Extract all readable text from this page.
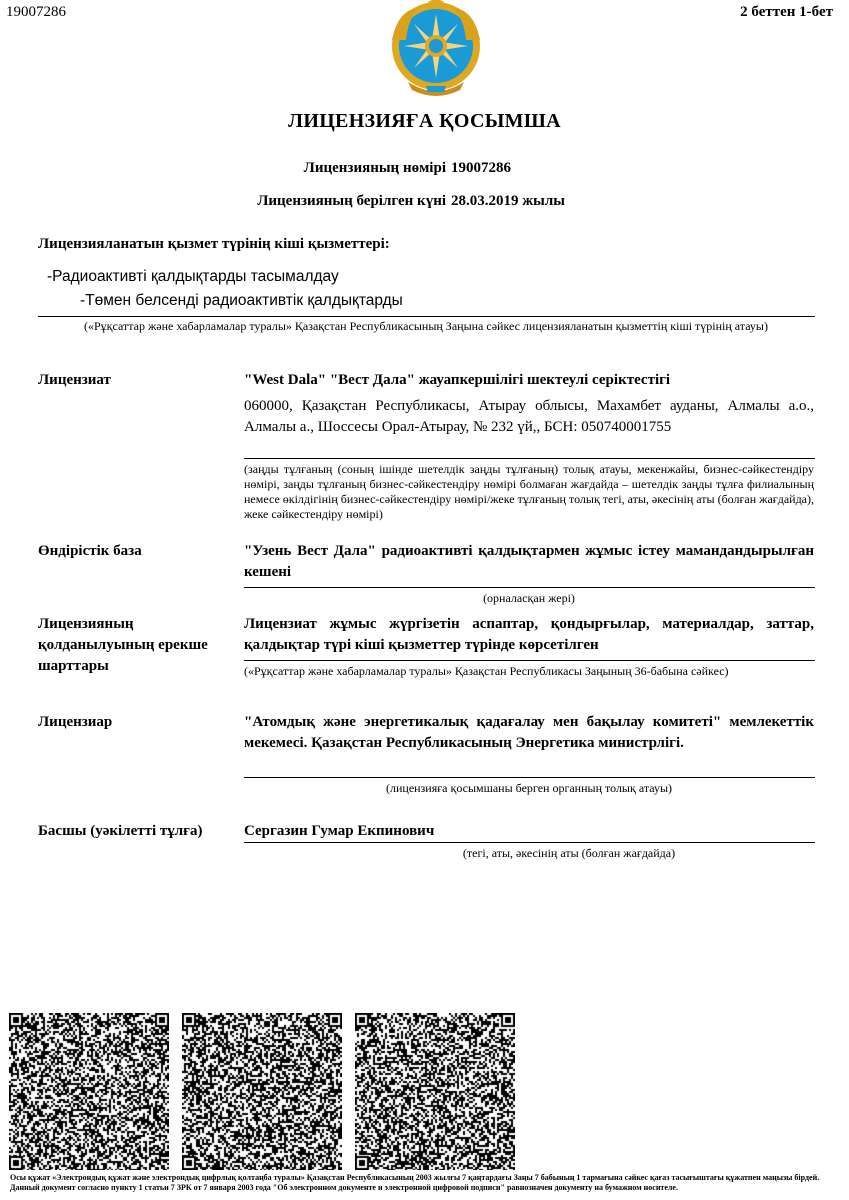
19007286	2 беттен 1-бет
ЛИЦЕНЗИЯҒА ҚОСЫМША
Лицензияның нөмірі 19007286
Лицензияның берілген күні 28.03.2019 жылы
Лицензияланатын қызмет түрінің кіші қызметтері:
-Радиоактивті қалдықтарды тасымалдау
-Төмен белсенді радиоактивтік қалдықтарды
(«Рұқсаттар және хабарламалар туралы» Қазақстан Республикасының Заңына сәйкес лицензияланатын қызметтің кіші түрінің атауы)
Лицензиат	"West Dala" "Вест Дала" жауапкершілігі шектеулі серіктестігі
060000, Қазақстан Республикасы, Атырау облысы, Махамбет ауданы, Алмалы а.о., Алмалы а., Шоссесы Орал-Атырау, № 232 үй,, БСН: 050740001755
(заңды тұлғаның (соның ішінде шетелдік заңды тұлғаның) толық атауы, мекенжайы, бизнес-сәйкестендіру нөмірі, заңды тұлғаның бизнес-сәйкестендіру нөмірі болмаған жағдайда – шетелдік заңды тұлға филиалының немесе өкілдігінің бизнес-сәйкестендіру нөмірі/жеке тұлғаның толық тегі, аты, әкесінің аты (болған жағдайда), жеке сәйкестендіру нөмірі)
Өндірістік база	"Узень Вест Дала" радиоактивті қалдықтармен жұмыс істеу мамандандырылған кешені
(орналасқан жері)
Лицензияның қолданылуының ерекше шарттары
Лицензиат жұмыс жүргізетін аспаптар, қондырғылар, материалдар, заттар, қалдықтар түрі кіші қызметтер түрінде көрсетілген
(«Рұқсаттар және хабарламалар туралы» Қазақстан Республикасы Заңының 36-бабына сәйкес)
Лицензиар	"Атомдық және энергетикалық қадағалау мен бақылау комитеті" мемлекеттік мекемесі. Қазақстан Республикасының Энергетика министрлігі.
(лицензияға қосымшаны берген органның толық атауы)
Басшы (уәкілетті тұлға)	Сергазин Гумар Екпинович
(тегі, аты, әкесінің аты (болған жағдайда)
Осы құжат «Электрондық құжат және электрондық цифрлық қолтаңба туралы» Қазақстан Республикасының 2003 жылғы 7 қаңтардағы Заңы 7 бабының 1 тармағына сәйкес қағаз тасығыштағы құжатпен маңызы бірдей. Данный документ согласно пункту 1 статьи 7 ЗРК от 7 января 2003 года "Об электронном документе и электронной цифровой подписи" равнозначен документу на бумажном носителе.
